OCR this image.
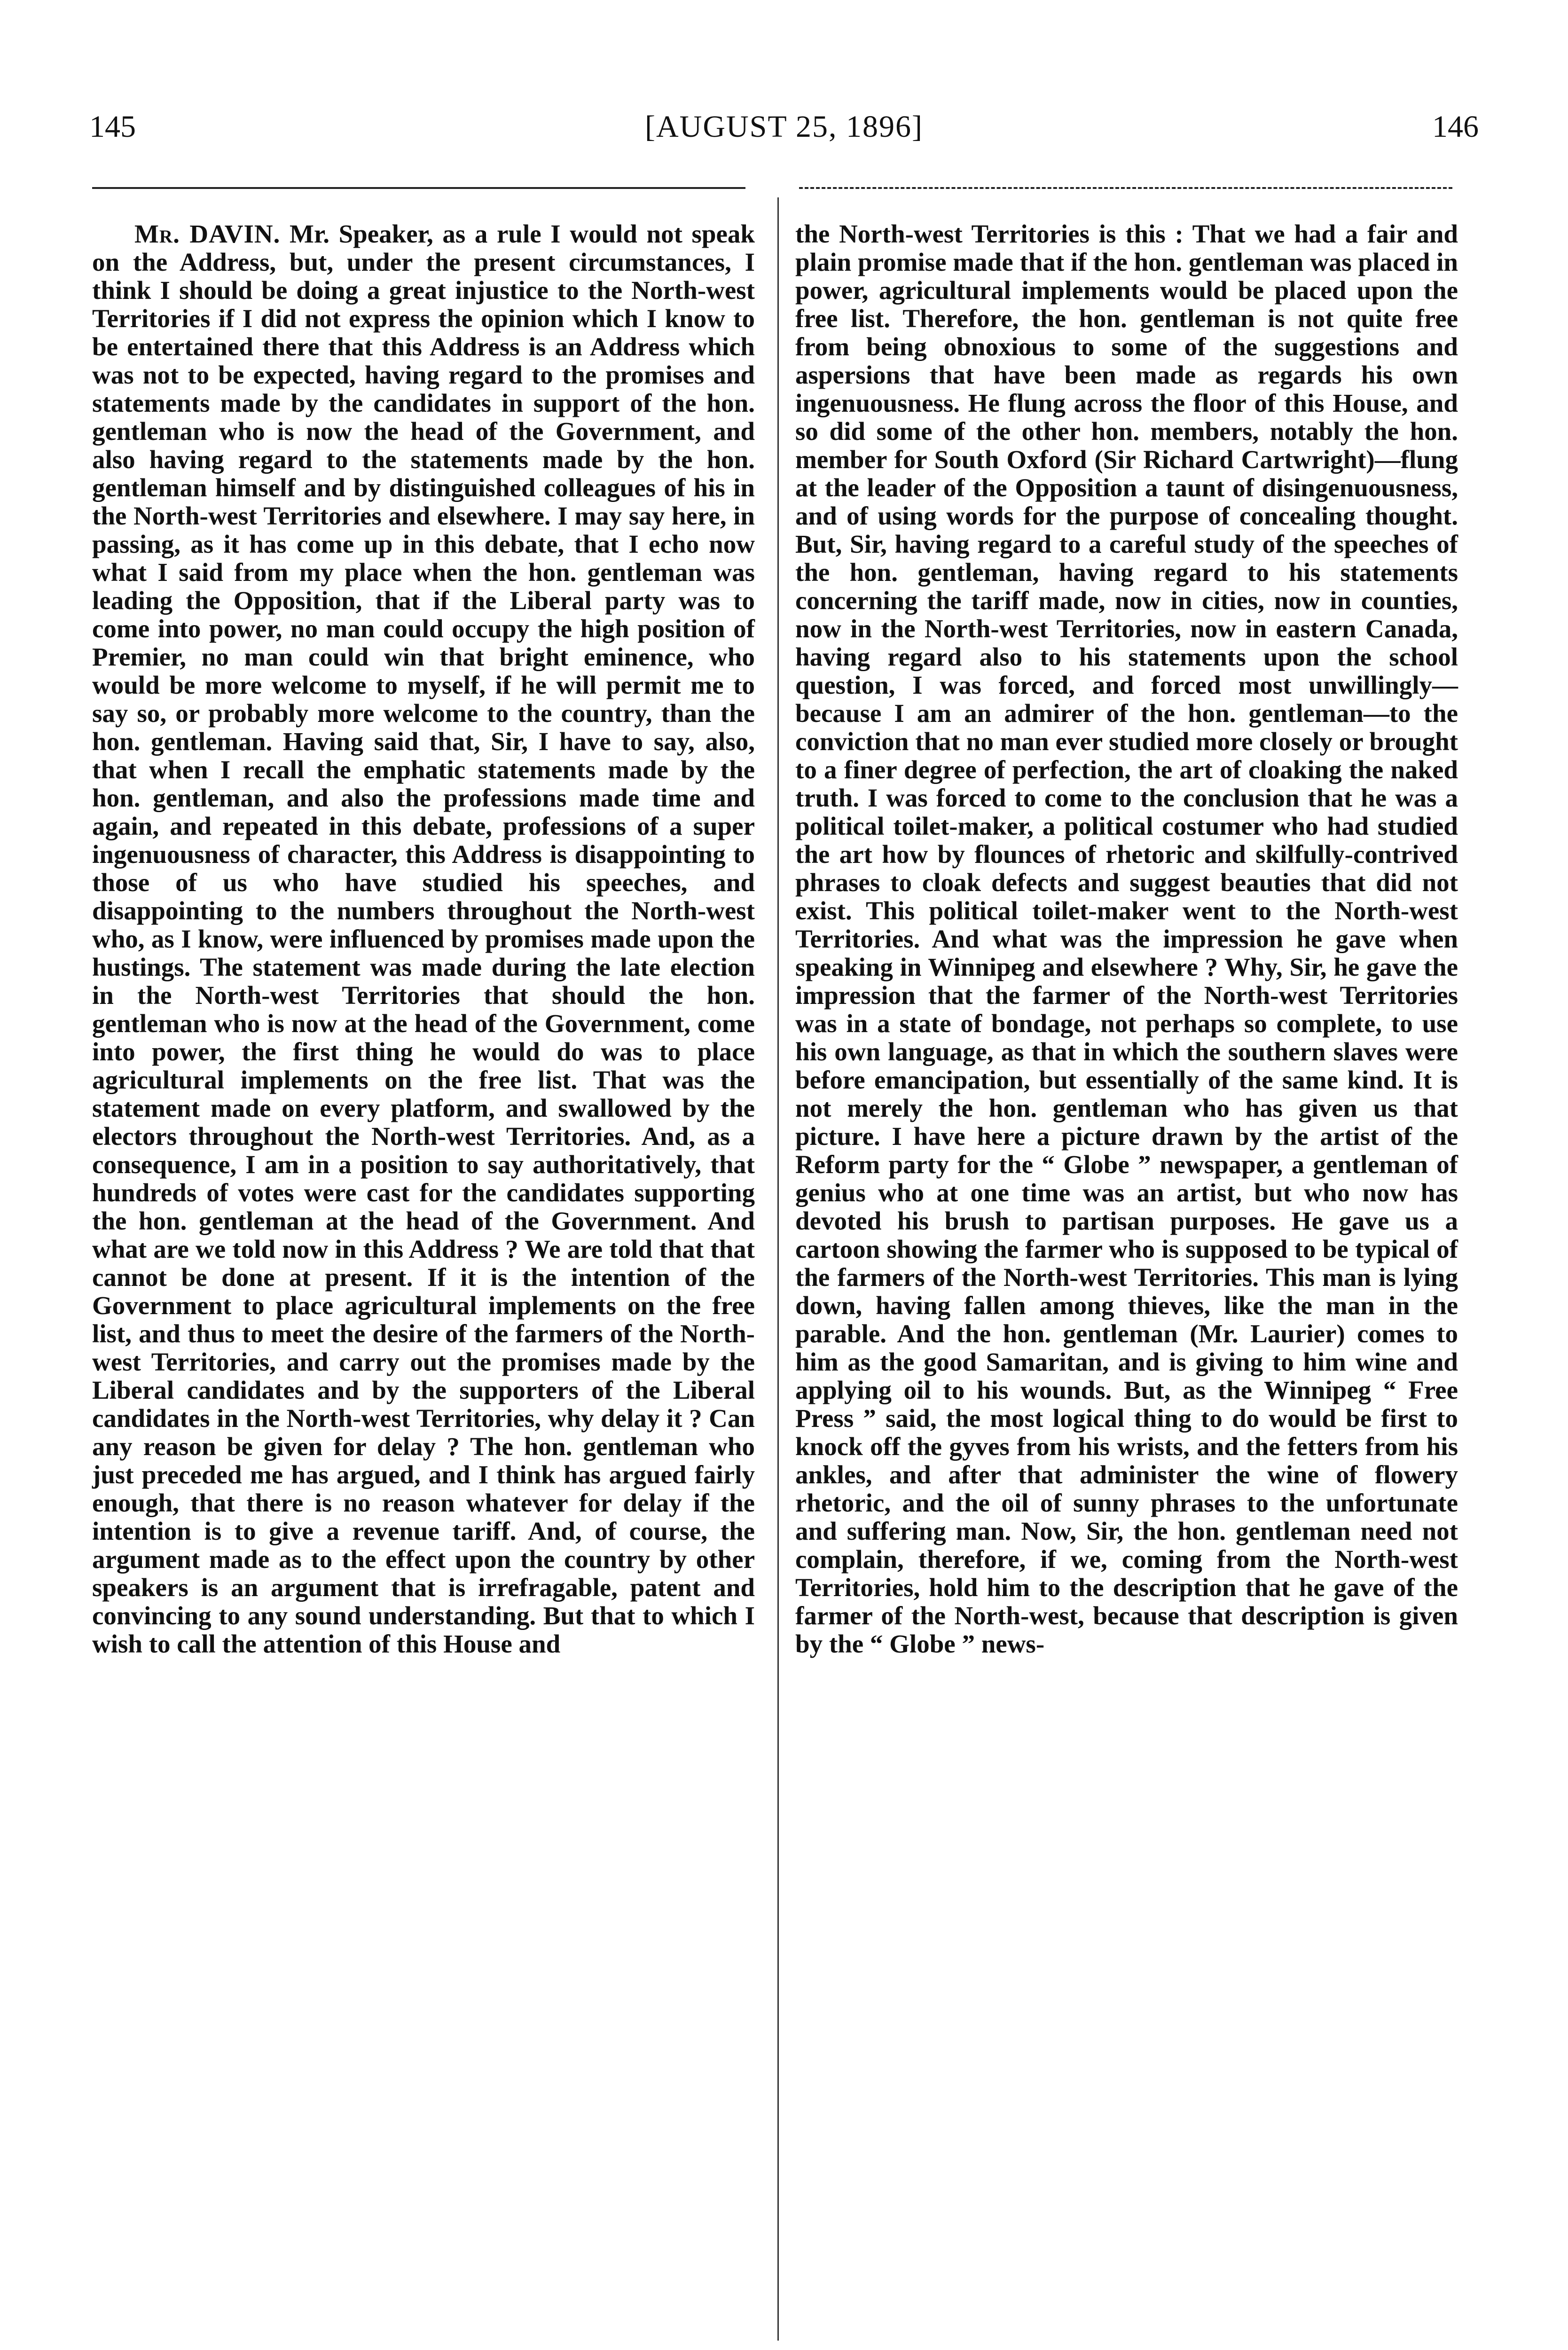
145	[AUGUST 25, 1896]	146

Mr. DAVIN. Mr. Speaker, as a rule I would not speak on the Address, but, under the present circumstances, I think I should be doing a great injustice to the North-west Territories if I did not express the opinion which I know to be entertained there that this Address is an Address which was not to be expected, having regard to the promises and statements made by the candidates in support of the hon. gentleman who is now the head of the Government, and also having regard to the statements made by the hon. gentleman himself and by distinguished colleagues of his in the North-west Territories and elsewhere. I may say here, in passing, as it has come up in this debate, that I echo now what I said from my place when the hon. gentleman was leading the Opposition, that if the Liberal party was to come into power, no man could occupy the high position of Premier, no man could win that bright eminence, who would be more welcome to myself, if he will permit me to say so, or probably more welcome to the country, than the hon. gentleman. Having said that, Sir, I have to say, also, that when I recall the emphatic statements made by the hon. gentleman, and also the professions made time and again, and repeated in this debate, professions of a super ingenuousness of character, this Address is disappointing to those of us who have studied his speeches, and disappointing to the numbers throughout the North-west who, as I know, were influenced by promises made upon the hustings. The statement was made during the late election in the North-west Territories that should the hon. gentleman who is now at the head of the Government, come into power, the first thing he would do was to place agricultural implements on the free list. That was the statement made on every platform, and swallowed by the electors throughout the North-west Territories. And, as a consequence, I am in a position to say authoritatively, that hundreds of votes were cast for the candidates supporting the hon. gentleman at the head of the Government. And what are we told now in this Address ? We are told that that cannot be done at present. If it is the intention of the Government to place agricultural implements on the free list, and thus to meet the desire of the farmers of the North-west Territories, and carry out the promises made by the Liberal candidates and by the supporters of the Liberal candidates in the North-west Territories, why delay it ? Can any reason be given for delay ? The hon. gentleman who just preceded me has argued, and I think has argued fairly enough, that there is no reason whatever for delay if the intention is to give a revenue tariff. And, of course, the argument made as to the effect upon the country by other speakers is an argument that is irrefragable, patent and convincing to any sound understanding. But that to which I wish to call the attention of this House and

the North-west Territories is this : That we had a fair and plain promise made that if the hon. gentleman was placed in power, agricultural implements would be placed upon the free list. Therefore, the hon. gentleman is not quite free from being obnoxious to some of the suggestions and aspersions that have been made as regards his own ingenuousness. He flung across the floor of this House, and so did some of the other hon. members, notably the hon. member for South Oxford (Sir Richard Cartwright)—flung at the leader of the Opposition a taunt of disingenuousness, and of using words for the purpose of concealing thought. But, Sir, having regard to a careful study of the speeches of the hon. gentleman, having regard to his statements concerning the tariff made, now in cities, now in counties, now in the North-west Territories, now in eastern Canada, having regard also to his statements upon the school question, I was forced, and forced most unwillingly—because I am an admirer of the hon. gentleman—to the conviction that no man ever studied more closely or brought to a finer degree of perfection, the art of cloaking the naked truth. I was forced to come to the conclusion that he was a political toilet-maker, a political costumer who had studied the art how by flounces of rhetoric and skilfully-contrived phrases to cloak defects and suggest beauties that did not exist. This political toilet-maker went to the North-west Territories. And what was the impression he gave when speaking in Winnipeg and elsewhere ? Why, Sir, he gave the impression that the farmer of the North-west Territories was in a state of bondage, not perhaps so complete, to use his own language, as that in which the southern slaves were before emancipation, but essentially of the same kind. It is not merely the hon. gentleman who has given us that picture. I have here a picture drawn by the artist of the Reform party for the “ Globe ” newspaper, a gentleman of genius who at one time was an artist, but who now has devoted his brush to partisan purposes. He gave us a cartoon showing the farmer who is supposed to be typical of the farmers of the North-west Territories. This man is lying down, having fallen among thieves, like the man in the parable. And the hon. gentleman (Mr. Laurier) comes to him as the good Samaritan, and is giving to him wine and applying oil to his wounds. But, as the Winnipeg “ Free Press ” said, the most logical thing to do would be first to knock off the gyves from his wrists, and the fetters from his ankles, and after that administer the wine of flowery rhetoric, and the oil of sunny phrases to the unfortunate and suffering man. Now, Sir, the hon. gentleman need not complain, therefore, if we, coming from the North-west Territories, hold him to the description that he gave of the farmer of the North-west, because that description is given by the “ Globe ” news-
